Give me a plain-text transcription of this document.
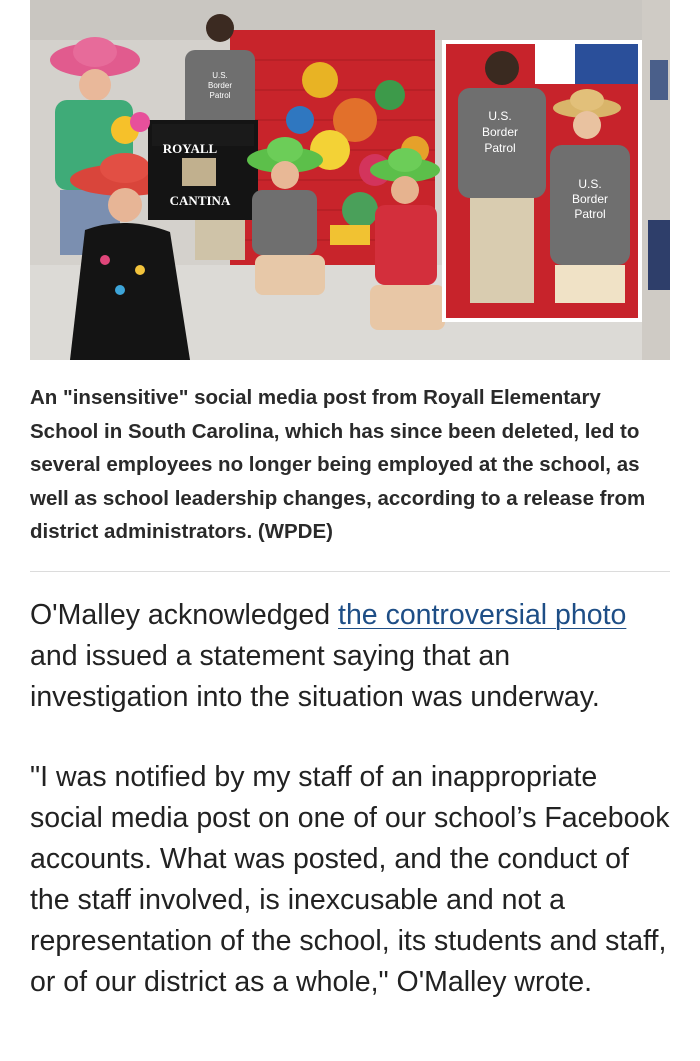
U.S.
Border
Patrol
ROYALL
CANTINA
U.S.
Border
Patrol
U.S.
Border
Patrol

An "insensitive" social media post from Royall Elementary School in South Carolina, which has since been deleted, led to several employees no longer being employed at the school, as well as school leadership changes, according to a release from district administrators. (WPDE)

O'Malley acknowledged the controversial photo and issued a statement saying that an investigation into the situation was underway.

"I was notified by my staff of an inappropriate social media post on one of our school’s Facebook accounts. What was posted, and the conduct of the staff involved, is inexcusable and not a representation of the school, its students and staff, or of our district as a whole," O'Malley wrote.
